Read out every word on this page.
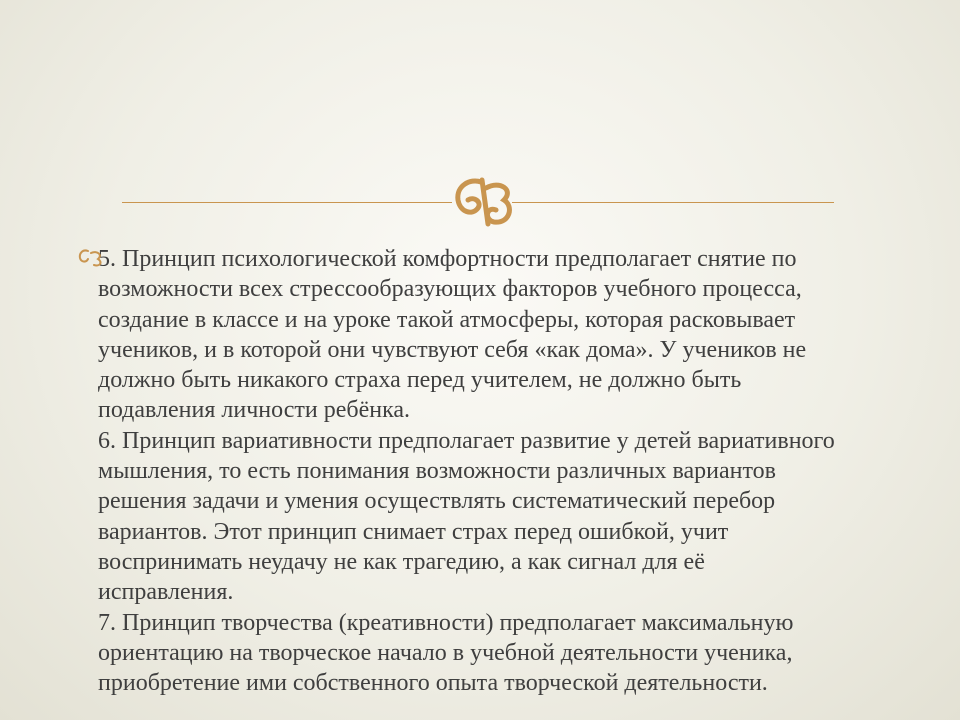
5. Принцип психологической комфортности предполагает снятие по
возможности всех стрессообразующих факторов учебного процесса,
создание в классе и на уроке такой атмосферы, которая расковывает
учеников, и в которой они чувствуют себя «как дома». У учеников не
должно быть никакого страха перед учителем, не должно быть
подавления личности ребёнка.

6. Принцип вариативности предполагает развитие у детей вариативного
мышления, то есть понимания возможности различных вариантов
решения задачи и умения осуществлять систематический перебор
вариантов. Этот принцип снимает страх перед ошибкой, учит
воспринимать неудачу не как трагедию, а как сигнал для её
исправления.

7. Принцип творчества (креативности) предполагает максимальную
ориентацию на творческое начало в учебной деятельности ученика,
приобретение ими собственного опыта творческой деятельности.
